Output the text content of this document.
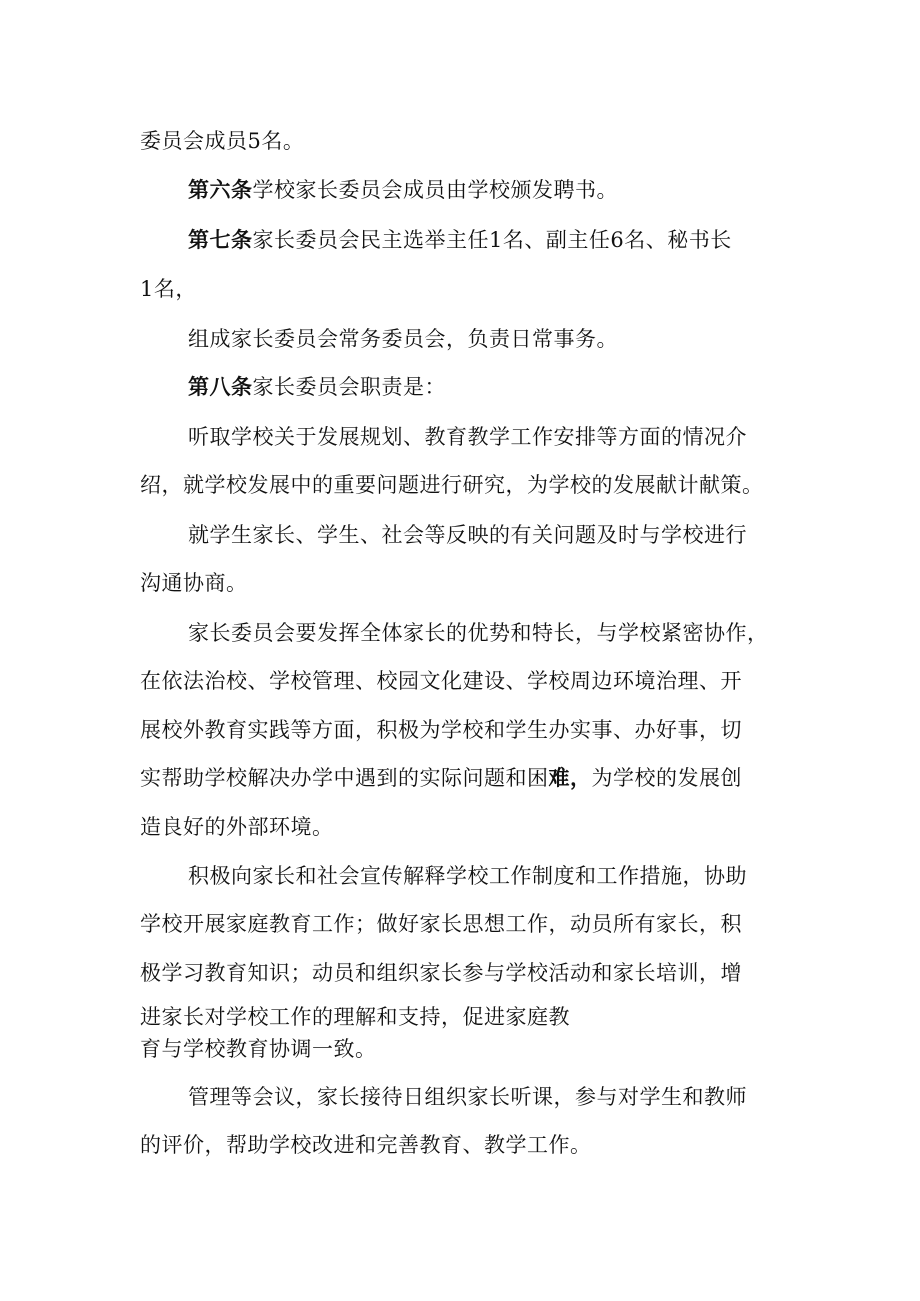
委员会成员5名。
第六条学校家长委员会成员由学校颁发聘书。
第七条家长委员会民主选举主任1名、副主任6名、秘书长
1名，
组成家长委员会常务委员会，负责日常事务。
第八条家长委员会职责是：
听取学校关于发展规划、教育教学工作安排等方面的情况介
绍，就学校发展中的重要问题进行研究，为学校的发展献计献策。
就学生家长、学生、社会等反映的有关问题及时与学校进行
沟通协商。
家长委员会要发挥全体家长的优势和特长，与学校紧密协作，
在依法治校、学校管理、校园文化建设、学校周边环境治理、开
展校外教育实践等方面，积极为学校和学生办实事、办好事，切
实帮助学校解决办学中遇到的实际问题和困难，为学校的发展创
造良好的外部环境。
积极向家长和社会宣传解释学校工作制度和工作措施，协助
学校开展家庭教育工作；做好家长思想工作，动员所有家长，积
极学习教育知识；动员和组织家长参与学校活动和家长培训，增
进家长对学校工作的理解和支持，促进家庭教
育与学校教育协调一致。
管理等会议，家长接待日组织家长听课，参与对学生和教师
的评价，帮助学校改进和完善教育、教学工作。
